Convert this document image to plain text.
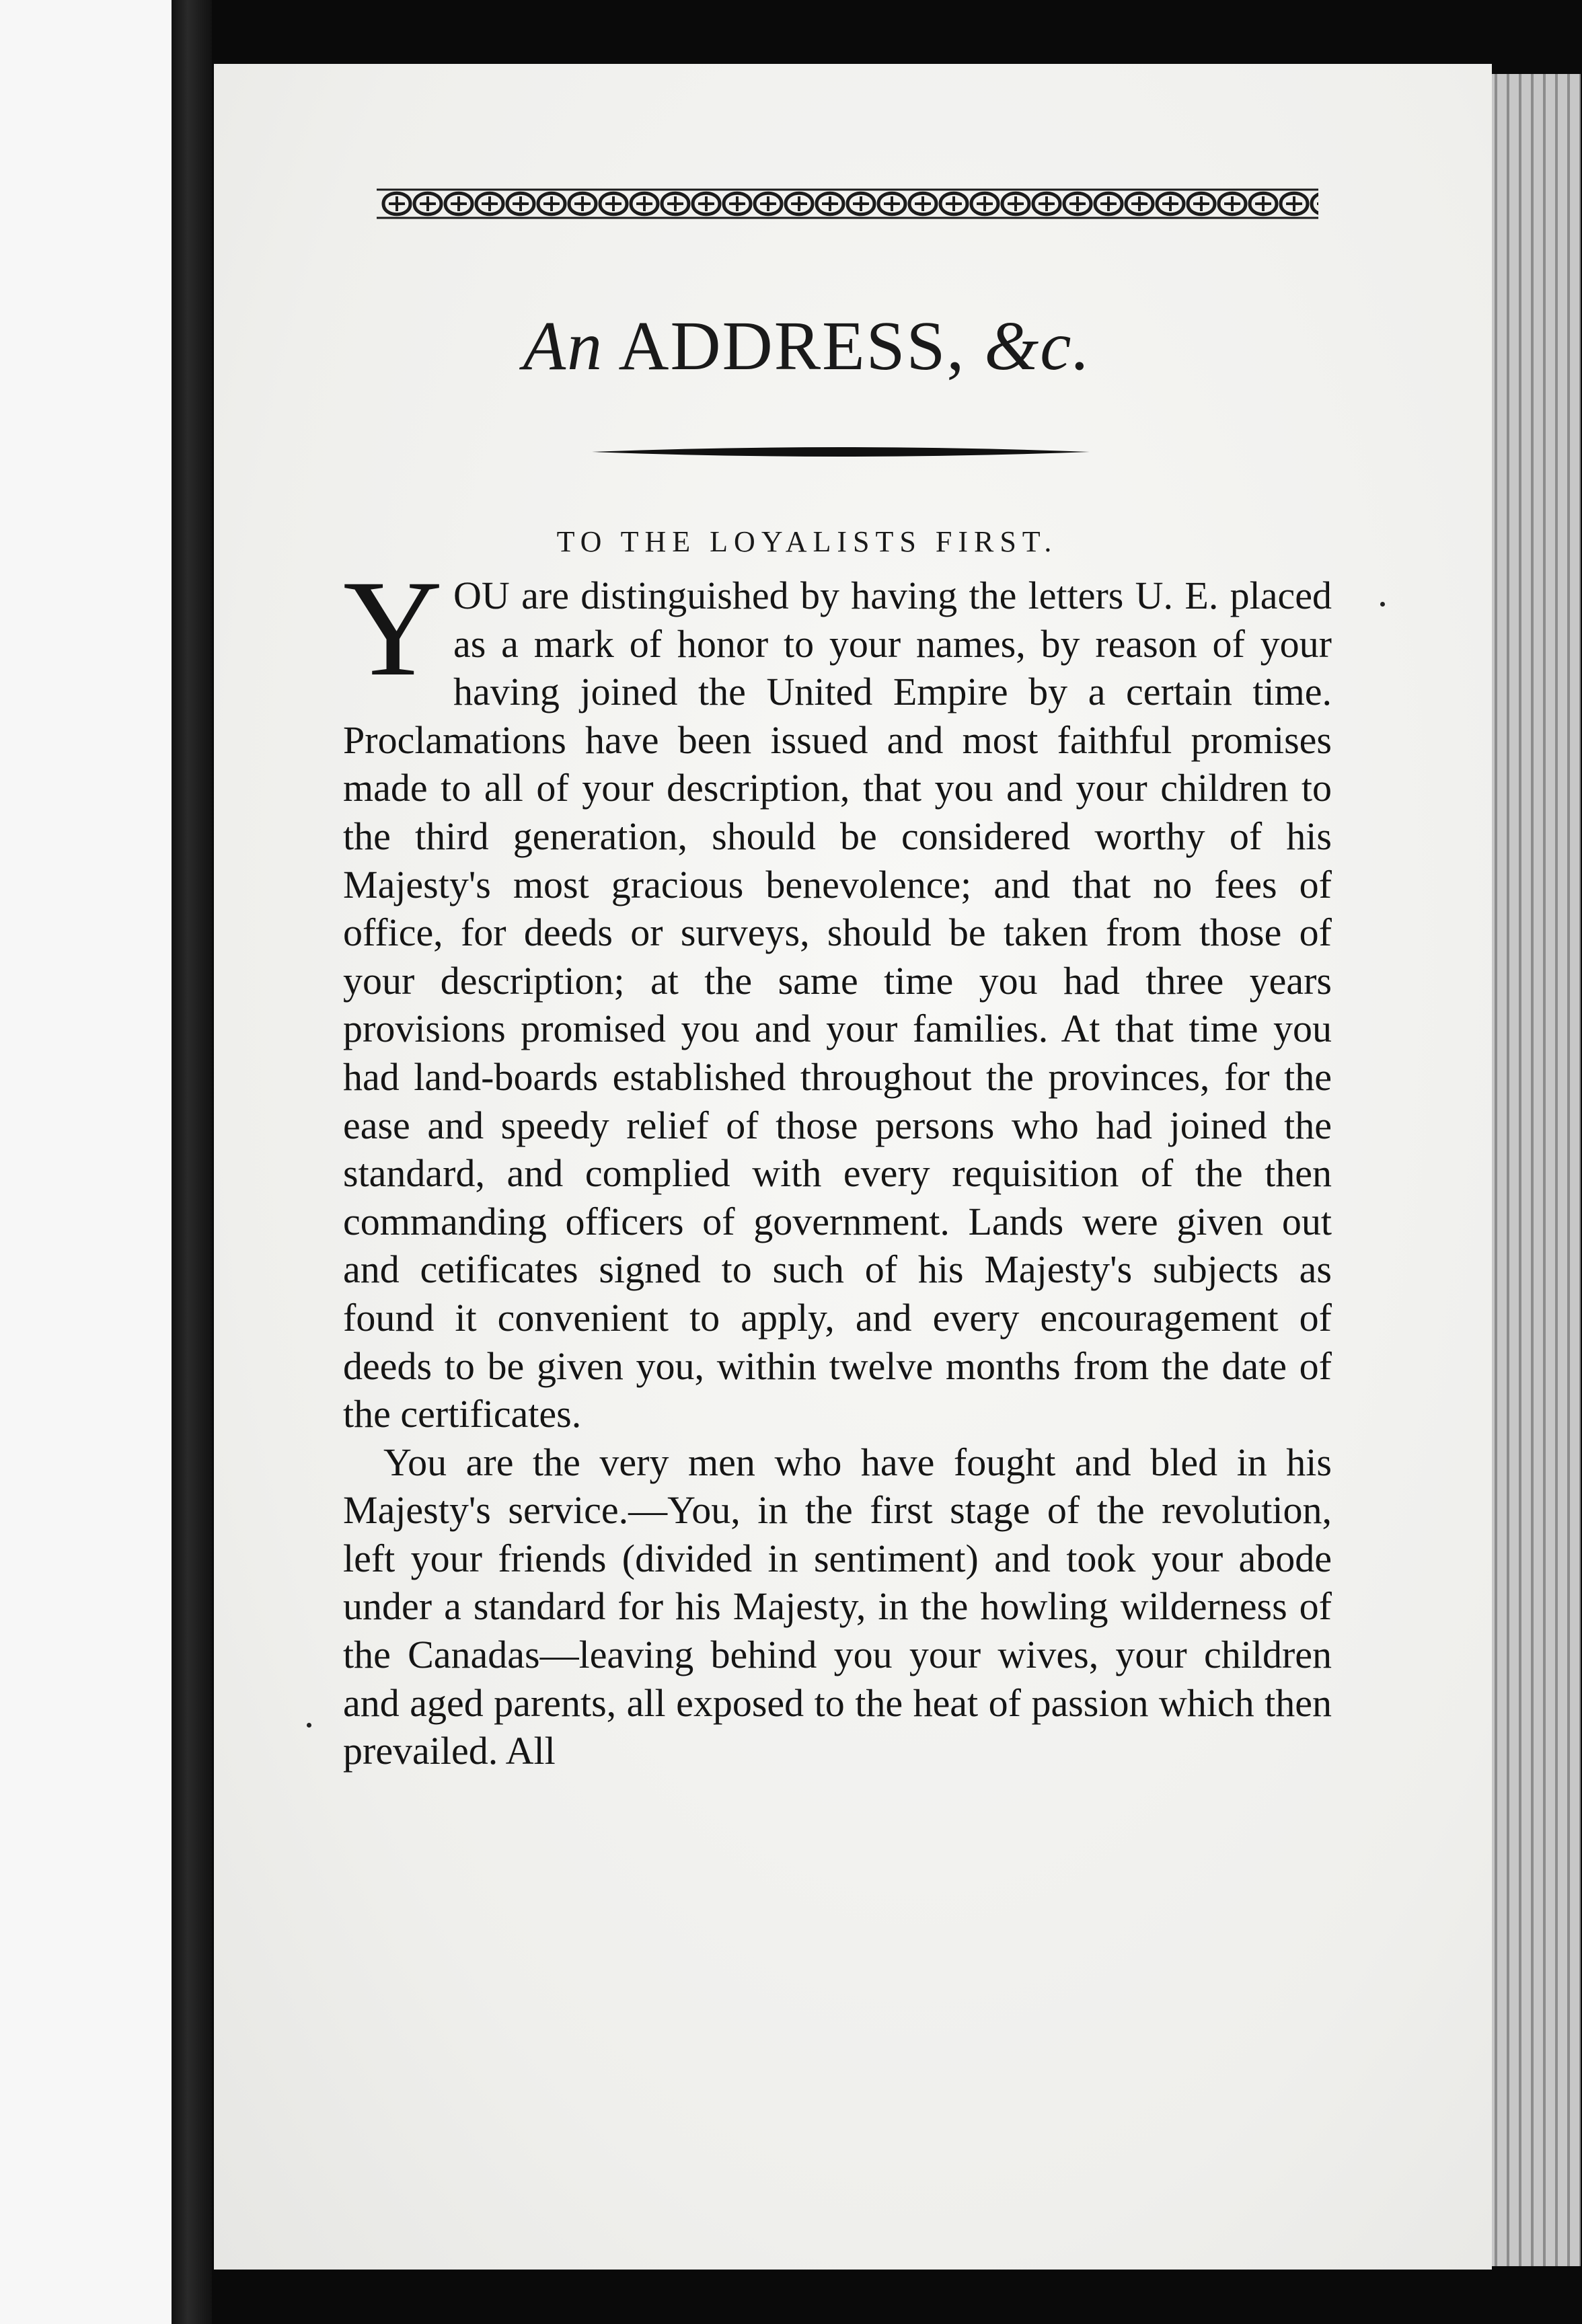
An ADDRESS, &c.
TO THE LOYALISTS FIRST.

YOU are distinguished by having the letters U. E. placed as a mark of honor to your names, by reason of your having joined the United Empire by a certain time. Proclamations have been issued and most faithful promises made to all of your description, that you and your children to the third generation, should be considered worthy of his Majesty's most gracious benevolence; and that no fees of office, for deeds or surveys, should be taken from those of your description; at the same time you had three years provisions promised you and your families. At that time you had land-boards established throughout the provinces, for the ease and speedy relief of those persons who had joined the standard, and complied with every requisition of the then commanding officers of government. Lands were given out and cetificates signed to such of his Majesty's subjects as found it convenient to apply, and every encouragement of deeds to be given you, within twelve months from the date of the certificates.

You are the very men who have fought and bled in his Majesty's service.—You, in the first stage of the revolution, left your friends (divided in sentiment) and took your abode under a standard for his Majesty, in the howling wilderness of the Canadas—leaving behind you your wives, your children and aged parents, all exposed to the heat of passion which then prevailed. All
